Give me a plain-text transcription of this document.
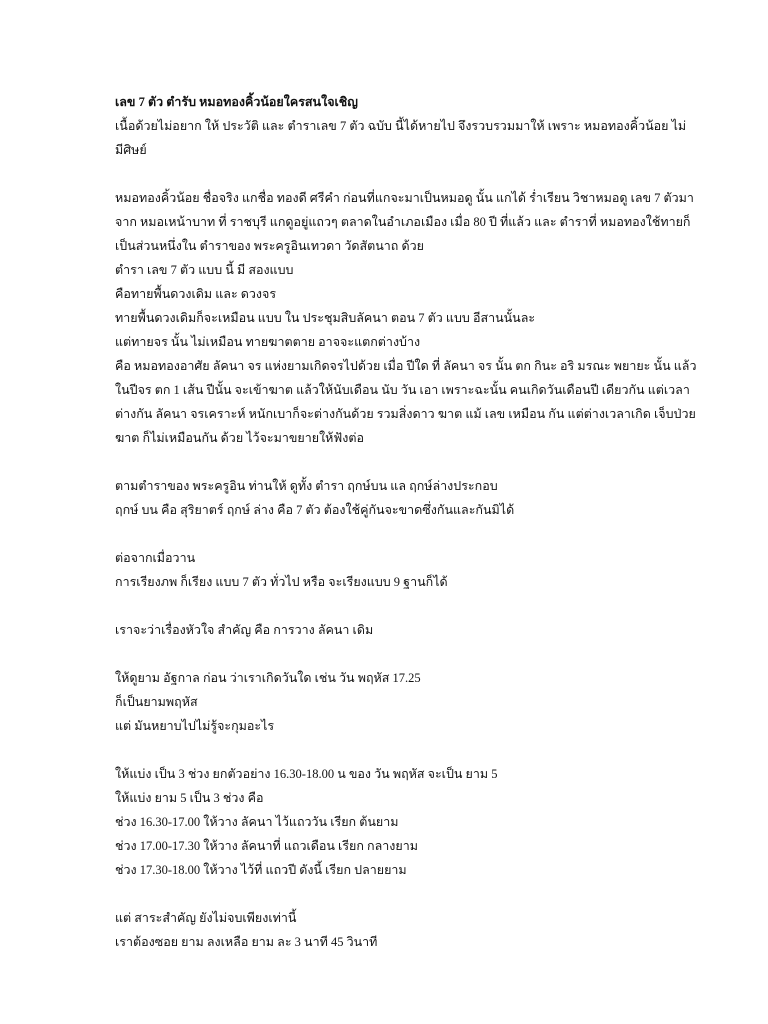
เลข 7 ตัว ตำรับ หมอทองคิ้วน้อยใครสนใจเชิญ
เนื้อด้วยไม่อยาก ให้ ประวัติ และ ตำราเลข 7 ตัว ฉบับ นี้ได้หายไป จึงรวบรวมมาให้ เพราะ หมอทองคิ้วน้อย ไม่
มีศิษย์
หมอทองคิ้วน้อย ชื่อจริง แกชื่อ ทองดี ศรีคำ ก่อนที่แกจะมาเป็นหมอดู นั้น แกได้ ร่ำเรียน วิชาหมอดู เลข 7 ตัวมา
จาก หมอเหน้าบาท ที่ ราชบุรี แกดูอยู่แถวๆ ตลาดในอำเภอเมือง เมื่อ 80 ปี ที่แล้ว และ ตำราที่ หมอทองใช้ทายก็
เป็นส่วนหนึ่งใน ตำราของ พระครูอินเทวดา วัดสัตนาถ ด้วย
ตำรา เลข 7 ตัว แบบ นี้ มี สองแบบ
คือทายพื้นดวงเดิม และ ดวงจร
ทายพื้นดวงเดิมก็จะเหมือน แบบ ใน ประชุมสิบลัคนา ตอน 7 ตัว แบบ อีสานนั้นละ
แต่ทายจร นั้น ไม่เหมือน ทายฆาตตาย อาจจะแตกต่างบ้าง
คือ หมอทองอาศัย ลัคนา จร แห่งยามเกิดจรไปด้วย เมื่อ ปีใด ที่ ลัคนา จร นั้น ตก กินะ อริ มรณะ พยายะ นั้น แล้ว
ในปีจร ตก 1 เส้น ปีนั้น จะเข้าฆาต แล้วให้นับเดือน นับ วัน เอา เพราะฉะนั้น คนเกิดวันเดือนปี เดียวกัน แต่เวลา
ต่างกัน ลัคนา จรเคราะห์ หนักเบาก็จะต่างกันด้วย รวมสิ่งดาว ฆาต แม้ เลข เหมือน กัน แต่ต่างเวลาเกิด เจ็บป่วย
ฆาต ก็ไม่เหมือนกัน ด้วย ไว้จะมาขยายให้ฟังต่อ
ตามตำราของ พระครูอิน ท่านให้ ดูทั้ง ตำรา ฤกษ์บน แล ฤกษ์ล่างประกอบ
ฤกษ์ บน คือ สุริยาตร์ ฤกษ์ ล่าง คือ 7 ตัว ต้องใช้คู่กันจะขาดซึ่งกันและกันมิได้
ต่อจากเมื่อวาน
การเรียงภพ ก็เรียง แบบ 7 ตัว ทั่วไป หรือ จะเรียงแบบ 9 ฐานก็ได้
เราจะว่าเรื่องหัวใจ สำคัญ คือ การวาง ลัคนา เดิม
ให้ดูยาม อัฐกาล ก่อน ว่าเราเกิดวันใด เช่น วัน พฤหัส 17.25
ก็เป็นยามพฤหัส
แต่ มันหยาบไปไม่รู้จะกุมอะไร
ให้แบ่ง เป็น 3 ช่วง ยกตัวอย่าง 16.30-18.00 น ของ วัน พฤหัส จะเป็น ยาม 5
ให้แบ่ง ยาม 5 เป็น 3 ช่วง คือ
ช่วง 16.30-17.00 ให้วาง ลัคนา ไว้แถววัน เรียก ต้นยาม
ช่วง 17.00-17.30 ให้วาง ลัคนาที่ แถวเดือน เรียก กลางยาม
ช่วง 17.30-18.00 ให้วาง ไว้ที่ แถวปี ดังนี้ เรียก ปลายยาม
แต่ สาระสำคัญ ยังไม่จบเพียงเท่านี้
เราต้องซอย ยาม ลงเหลือ ยาม ละ 3 นาที 45 วินาที
